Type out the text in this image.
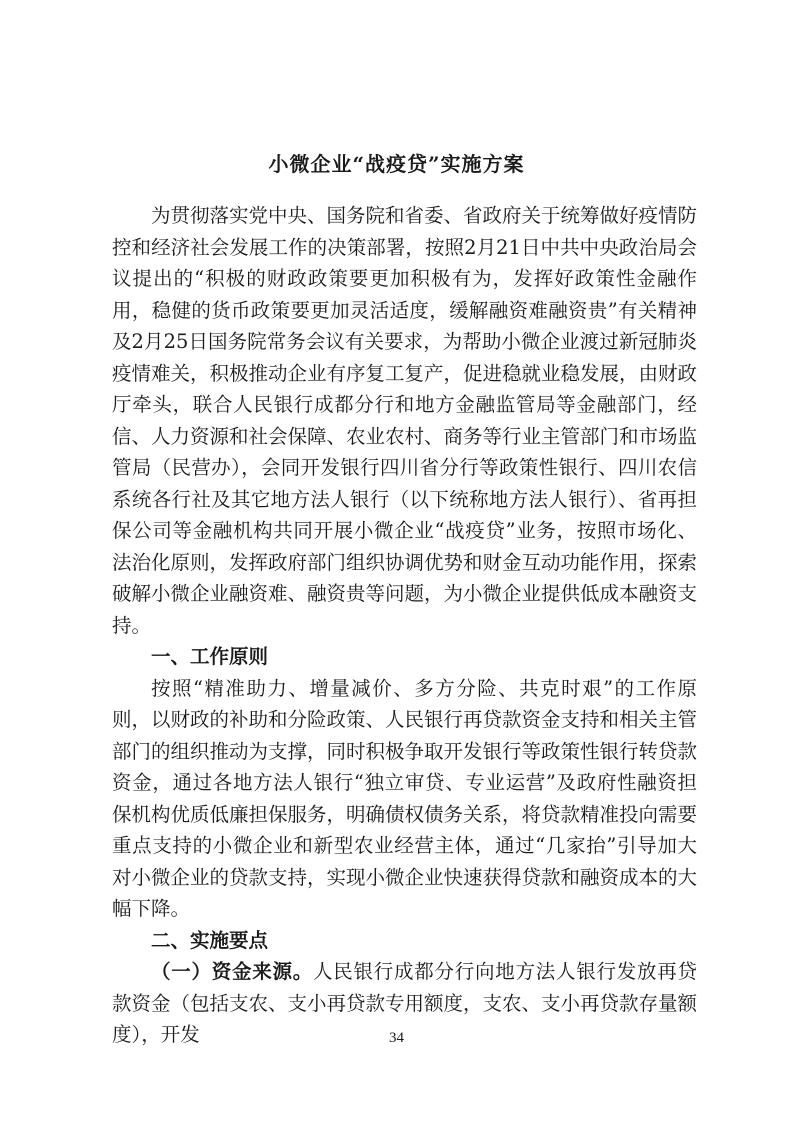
小微企业“战疫贷”实施方案

为贯彻落实党中央、国务院和省委、省政府关于统筹做好疫情防控和经济社会发展工作的决策部署，按照2月21日中共中央政治局会议提出的“积极的财政政策要更加积极有为，发挥好政策性金融作用，稳健的货币政策要更加灵活适度，缓解融资难融资贵”有关精神及2月25日国务院常务会议有关要求，为帮助小微企业渡过新冠肺炎疫情难关，积极推动企业有序复工复产，促进稳就业稳发展，由财政厅牵头，联合人民银行成都分行和地方金融监管局等金融部门，经信、人力资源和社会保障、农业农村、商务等行业主管部门和市场监管局（民营办），会同开发银行四川省分行等政策性银行、四川农信系统各行社及其它地方法人银行（以下统称地方法人银行）、省再担保公司等金融机构共同开展小微企业“战疫贷”业务，按照市场化、法治化原则，发挥政府部门组织协调优势和财金互动功能作用，探索破解小微企业融资难、融资贵等问题，为小微企业提供低成本融资支持。

一、工作原则

按照“精准助力、增量减价、多方分险、共克时艰”的工作原则，以财政的补助和分险政策、人民银行再贷款资金支持和相关主管部门的组织推动为支撑，同时积极争取开发银行等政策性银行转贷款资金，通过各地方法人银行“独立审贷、专业运营”及政府性融资担保机构优质低廉担保服务，明确债权债务关系，将贷款精准投向需要重点支持的小微企业和新型农业经营主体，通过“几家抬”引导加大对小微企业的贷款支持，实现小微企业快速获得贷款和融资成本的大幅下降。

二、实施要点

（一）资金来源。人民银行成都分行向地方法人银行发放再贷款资金（包括支农、支小再贷款专用额度，支农、支小再贷款存量额度），开发	34
